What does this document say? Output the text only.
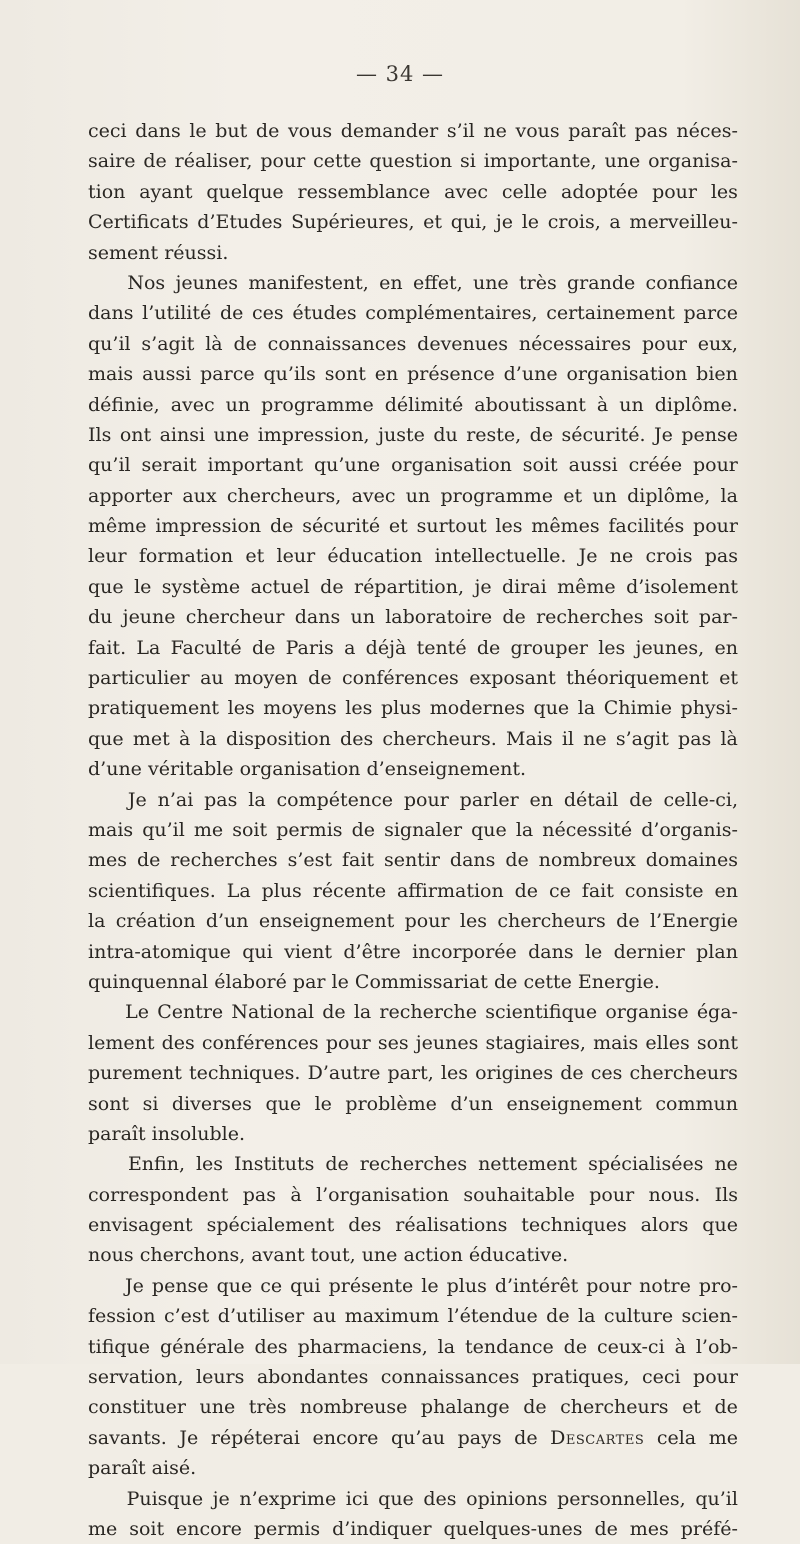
— 34 —
ceci dans le but de vous demander s’il ne vous paraît pas néces-
saire de réaliser, pour cette question si importante, une organisa-
tion ayant quelque ressemblance avec celle adoptée pour les
Certificats d’Etudes Supérieures, et qui, je le crois, a merveilleu-
sement
réussi.
Nos jeunes manifestent, en effet, une très grande confiance
dans l’utilité de ces études complémentaires, certainement parce
qu’il s’agit là de connaissances devenues nécessaires pour eux,
mais aussi parce qu’ils sont en présence d’une organisation bien
définie, avec un programme délimité aboutissant à un diplôme.
Ils ont ainsi une impression, juste du reste, de sécurité. Je pense
qu’il serait important qu’une organisation soit aussi créée pour
apporter aux chercheurs, avec un programme et un diplôme, la
même impression de sécurité et surtout les mêmes facilités pour
leur formation et leur éducation intellectuelle. Je ne crois pas
que le système actuel de répartition, je dirai même d’isolement
du jeune chercheur dans un laboratoire de recherches soit par-
fait. La Faculté de Paris a déjà tenté de grouper les jeunes, en
particulier au moyen de conférences exposant théoriquement et
pratiquement les moyens les plus modernes que la Chimie physi-
que met à la disposition des chercheurs. Mais il ne s’agit pas là
d’une
véritable
organisation
d’enseignement.
Je n’ai pas la compétence pour parler en détail de celle-ci,
mais qu’il me soit permis de signaler que la nécessité d’organis-
mes de recherches s’est fait sentir dans de nombreux domaines
scientifiques. La plus récente affirmation de ce fait consiste en
la création d’un enseignement pour les chercheurs de l’Energie
intra-atomique qui vient d’être incorporée dans le dernier plan
quinquennal
élaboré
par
le
Commissariat
de
cette
Energie.
Le Centre National de la recherche scientifique organise éga-
lement des conférences pour ses jeunes stagiaires, mais elles sont
purement techniques. D’autre part, les origines de ces chercheurs
sont si diverses que le problème d’un enseignement commun
paraît
insoluble.
Enfin, les Instituts de recherches nettement spécialisées ne
correspondent pas à l’organisation souhaitable pour nous. Ils
envisagent spécialement des réalisations techniques alors que
nous
cherchons,
avant
tout,
une
action
éducative.
Je pense que ce qui présente le plus d’intérêt pour notre pro-
fession c’est d’utiliser au maximum l’étendue de la culture scien-
tifique générale des pharmaciens, la tendance de ceux-ci à l’ob-
servation, leurs abondantes connaissances pratiques, ceci pour
constituer une très nombreuse phalange de chercheurs et de
savants. Je répéterai encore qu’au pays de Descartes cela me
paraît
aisé.
Puisque je n’exprime ici que des opinions personnelles, qu’il
me soit encore permis d’indiquer quelques-unes de mes préfé-
